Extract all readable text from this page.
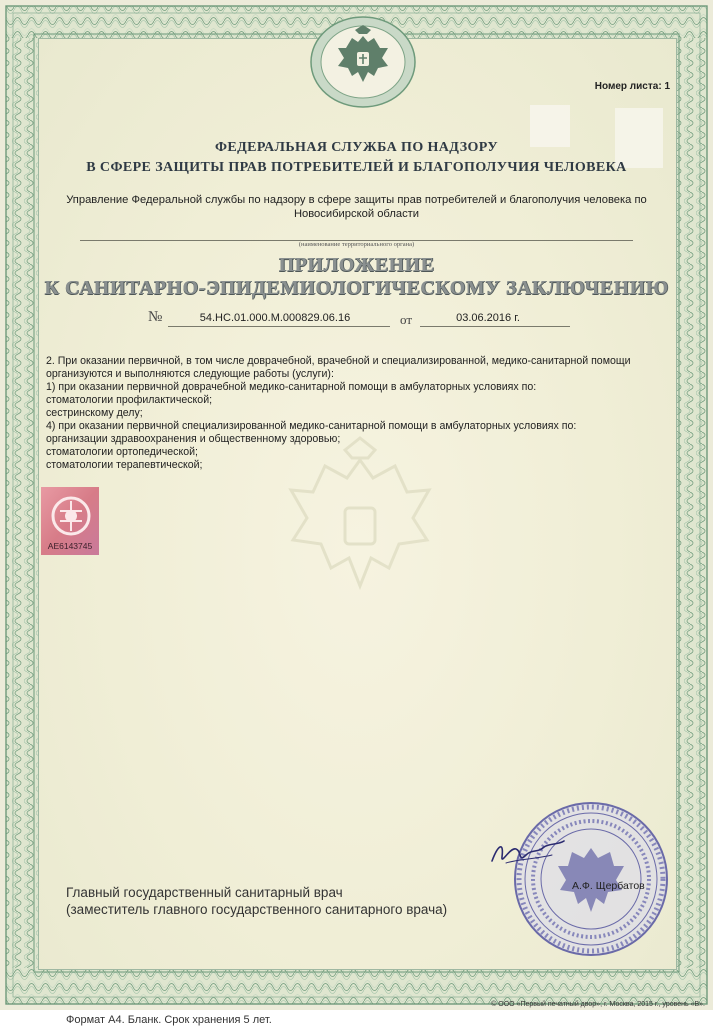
Номер листа: 1
ФЕДЕРАЛЬНАЯ СЛУЖБА ПО НАДЗОРУ
В СФЕРЕ ЗАЩИТЫ ПРАВ ПОТРЕБИТЕЛЕЙ И БЛАГОПОЛУЧИЯ ЧЕЛОВЕКА
Управление Федеральной службы по надзору в сфере защиты прав потребителей и благополучия человека по
Новосибирской области
(наименование территориального органа)
ПРИЛОЖЕНИЕ
К САНИТАРНО-ЭПИДЕМИОЛОГИЧЕСКОМУ ЗАКЛЮЧЕНИЮ
№	54.НС.01.000.М.000829.06.16	от	03.06.2016 г.
2. При оказании первичной, в том числе доврачебной, врачебной и специализированной, медико-санитарной помощи
организуются и выполняются следующие работы (услуги):
1) при оказании первичной доврачебной медико-санитарной помощи в амбулаторных условиях по:
стоматологии профилактической;
сестринскому делу;
4) при оказании первичной специализированной медико-санитарной помощи в амбулаторных условиях по:
организации здравоохранения и общественному здоровью;
стоматологии ортопедической;
стоматологии терапевтической;
АЕ6143745
А.Ф. Щербатов
Главный государственный санитарный врач
(заместитель главного государственного санитарного врача)
© ООО «Первый печатный двор», г. Москва, 2015 г., уровень «В».
Формат А4. Бланк. Срок хранения 5 лет.
